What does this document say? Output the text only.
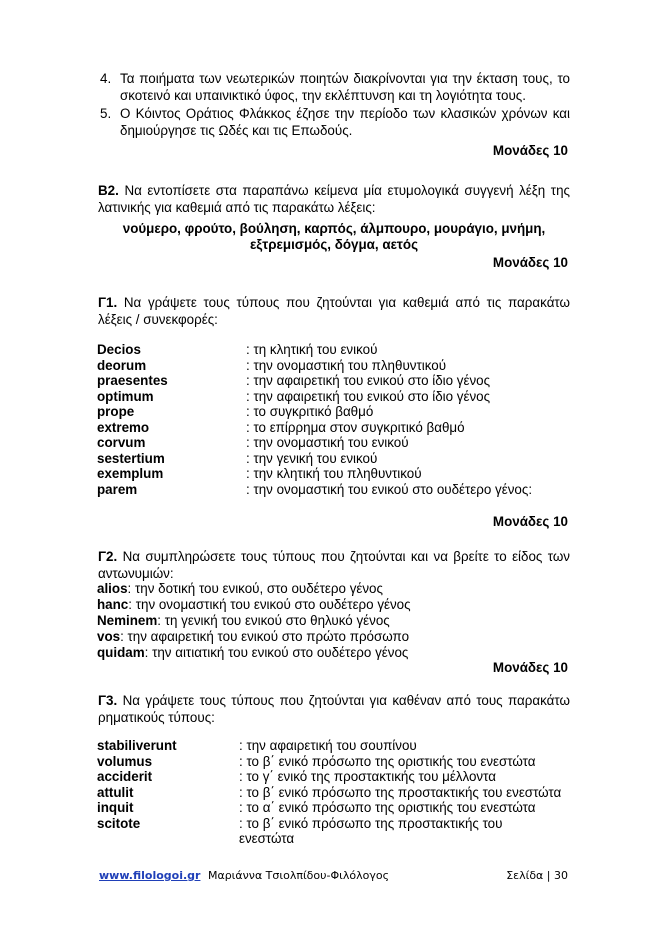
4. Τα ποιήματα των νεωτερικών ποιητών διακρίνονται για την έκταση τους, το σκοτεινό και υπαινικτικό ύφος, την εκλέπτυνση και τη λογιότητα τους.
5. Ο Κόιντος Οράτιος Φλάκκος έζησε την περίοδο των κλασικών χρόνων και δημιούργησε τις Ωδές και τις Επωδούς.
Μονάδες 10
Β2. Να εντοπίσετε στα παραπάνω κείμενα μία ετυμολογικά συγγενή λέξη της λατινικής για καθεμιά από τις παρακάτω λέξεις:
νούμερο, φρούτο, βούληση, καρπός, άλμπουρο, μουράγιο, μνήμη,
εξτρεμισμός, δόγμα, αετός
Μονάδες 10
Γ1. Να γράψετε τους τύπους που ζητούνται για καθεμιά από τις παρακάτω λέξεις / συνεκφορές:
Decios	: τη κλητική του ενικού
deorum	: την ονομαστική του πληθυντικού
praesentes	: την αφαιρετική του ενικού στο ίδιο γένος
optimum	: την αφαιρετική του ενικού στο ίδιο γένος
prope	: το συγκριτικό βαθμό
extremo	: το επίρρημα στον συγκριτικό βαθμό
corvum	: την ονομαστική του ενικού
sestertium	: την γενική του ενικού
exemplum	: την κλητική του πληθυντικού
parem	: την ονομαστική του ενικού στο ουδέτερο γένος:
Μονάδες 10
Γ2. Να συμπληρώσετε τους τύπους που ζητούνται και να βρείτε το είδος των αντωνυμιών:
alios: την δοτική του ενικού, στο ουδέτερο γένος
hanc: την ονομαστική του ενικού στο ουδέτερο γένος
Neminem: τη γενική του ενικού στο θηλυκό γένος
vos: την αφαιρετική του ενικού στο πρώτο πρόσωπο
quidam: την αιτιατική του ενικού στο ουδέτερο γένος
Μονάδες 10
Γ3. Να γράψετε τους τύπους που ζητούνται για καθέναν από τους παρακάτω ρηματικούς τύπους:
stabiliverunt	: την αφαιρετική του σουπίνου
volumus	: το β΄ ενικό πρόσωπο της οριστικής του ενεστώτα
acciderit	: το γ΄ ενικό της προστακτικής του μέλλοντα
attulit	: το β΄ ενικό πρόσωπο της προστακτικής του ενεστώτα
inquit	: το α΄ ενικό πρόσωπο της οριστικής του ενεστώτα
scitote	: το β΄ ενικό πρόσωπο της προστακτικής του
ενεστώτα
www.filologoi.gr Μαριάννα Τσιολπίδου-Φιλόλογος	Σελίδα | 30
